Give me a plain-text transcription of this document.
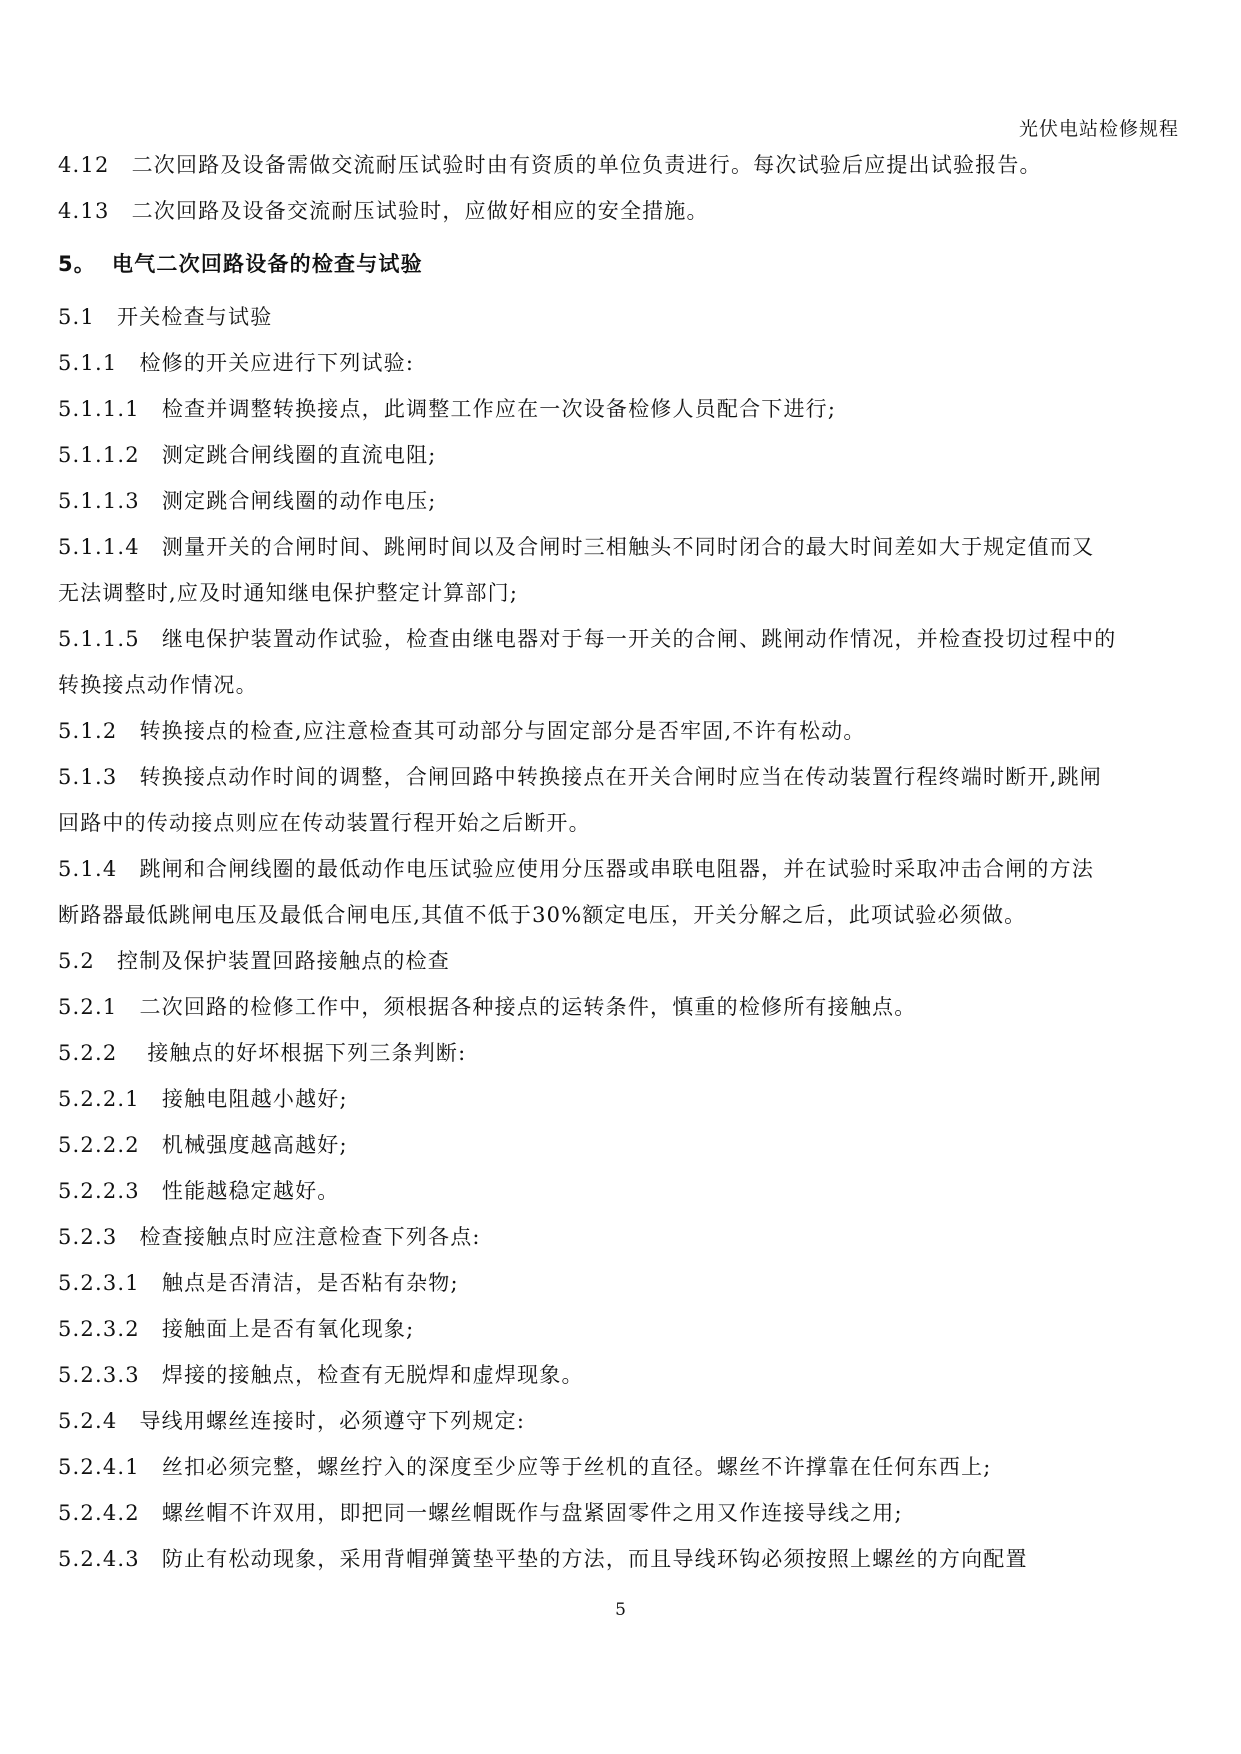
光伏电站检修规程
4.12 二次回路及设备需做交流耐压试验时由有资质的单位负责进行。每次试验后应提出试验报告。
4.13 二次回路及设备交流耐压试验时，应做好相应的安全措施。
5。 电气二次回路设备的检查与试验
5.1 开关检查与试验
5.1.1 检修的开关应进行下列试验:
5.1.1.1 检查并调整转换接点，此调整工作应在一次设备检修人员配合下进行;
5.1.1.2 测定跳合闸线圈的直流电阻;
5.1.1.3 测定跳合闸线圈的动作电压;
5.1.1.4 测量开关的合闸时间、跳闸时间以及合闸时三相触头不同时闭合的最大时间差如大于规定值而又
无法调整时,应及时通知继电保护整定计算部门;
5.1.1.5 继电保护装置动作试验，检查由继电器对于每一开关的合闸、跳闸动作情况，并检查投切过程中的
转换接点动作情况。
5.1.2 转换接点的检查,应注意检查其可动部分与固定部分是否牢固,不许有松动。
5.1.3 转换接点动作时间的调整，合闸回路中转换接点在开关合闸时应当在传动装置行程终端时断开,跳闸
回路中的传动接点则应在传动装置行程开始之后断开。
5.1.4 跳闸和合闸线圈的最低动作电压试验应使用分压器或串联电阻器，并在试验时采取冲击合闸的方法
断路器最低跳闸电压及最低合闸电压,其值不低于30%额定电压，开关分解之后，此项试验必须做。
5.2 控制及保护装置回路接触点的检查
5.2.1 二次回路的检修工作中，须根据各种接点的运转条件，慎重的检修所有接触点。
5.2.2 接触点的好坏根据下列三条判断:
5.2.2.1 接触电阻越小越好;
5.2.2.2 机械强度越高越好;
5.2.2.3 性能越稳定越好。
5.2.3 检查接触点时应注意检查下列各点:
5.2.3.1 触点是否清洁，是否粘有杂物;
5.2.3.2 接触面上是否有氧化现象;
5.2.3.3 焊接的接触点，检查有无脱焊和虚焊现象。
5.2.4 导线用螺丝连接时，必须遵守下列规定:
5.2.4.1 丝扣必须完整，螺丝拧入的深度至少应等于丝机的直径。螺丝不许撑靠在任何东西上;
5.2.4.2 螺丝帽不许双用，即把同一螺丝帽既作与盘紧固零件之用又作连接导线之用;
5.2.4.3 防止有松动现象，采用背帽弹簧垫平垫的方法，而且导线环钩必须按照上螺丝的方向配置
5
